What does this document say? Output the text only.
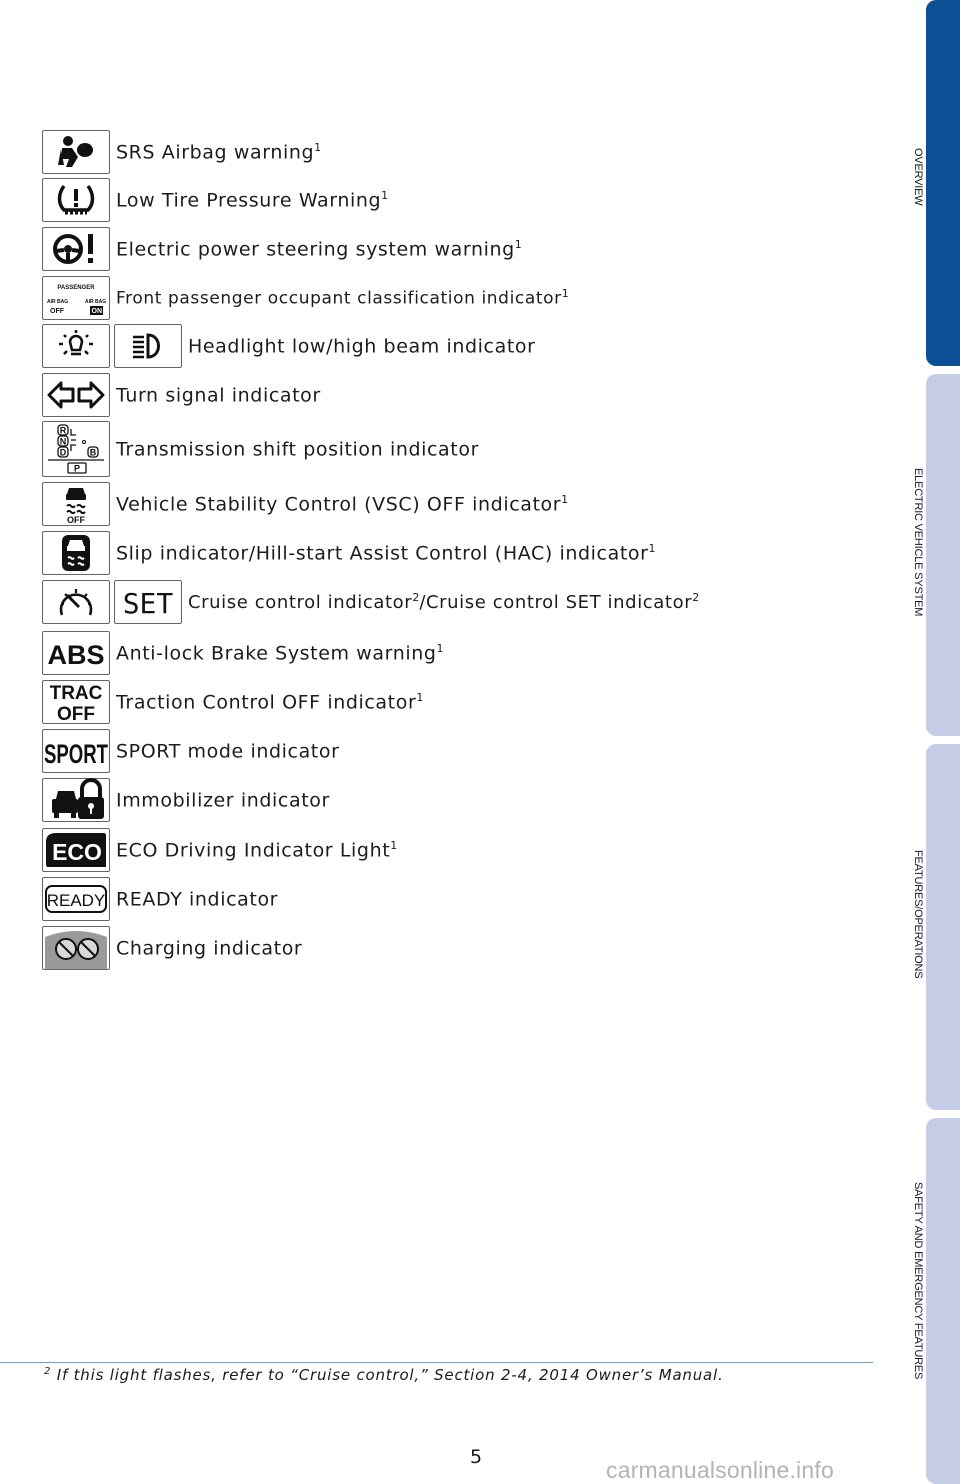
SRS Airbag warning$^1$
Low Tire Pressure Warning$^1$
Electric power steering system warning$^1$
PASSENGER
AIR BAG
OFF
AIR BAG
ON
Front passenger occupant classification indicator$^1$
Headlight low/high beam indicator
Turn signal indicator
R
N
D	B
P
Transmission shift position indicator
OFF
Vehicle Stability Control (VSC) OFF indicator$^1$
Slip indicator/Hill-start Assist Control (HAC) indicator$^1$
SET Cruise control indicator$^2$/Cruise control SET indicator$^2$
ABS Anti-lock Brake System warning$^1$
TRAC
OFF
Traction Control OFF indicator$^1$
SPORT SPORT mode indicator
Immobilizer indicator
ECO ECO Driving Indicator Light$^1$
READY READY indicator
Charging indicator
OVERVIEW
ELECTRIC VEHICLE SYSTEM
FEATURES/OPERATIONS
SAFETY AND EMERGENCY FEATURES
$^2$ If this light flashes, refer to “Cruise control,” Section 2-4, 2014 Owner’s Manual.
5	carmanualsonline.info
